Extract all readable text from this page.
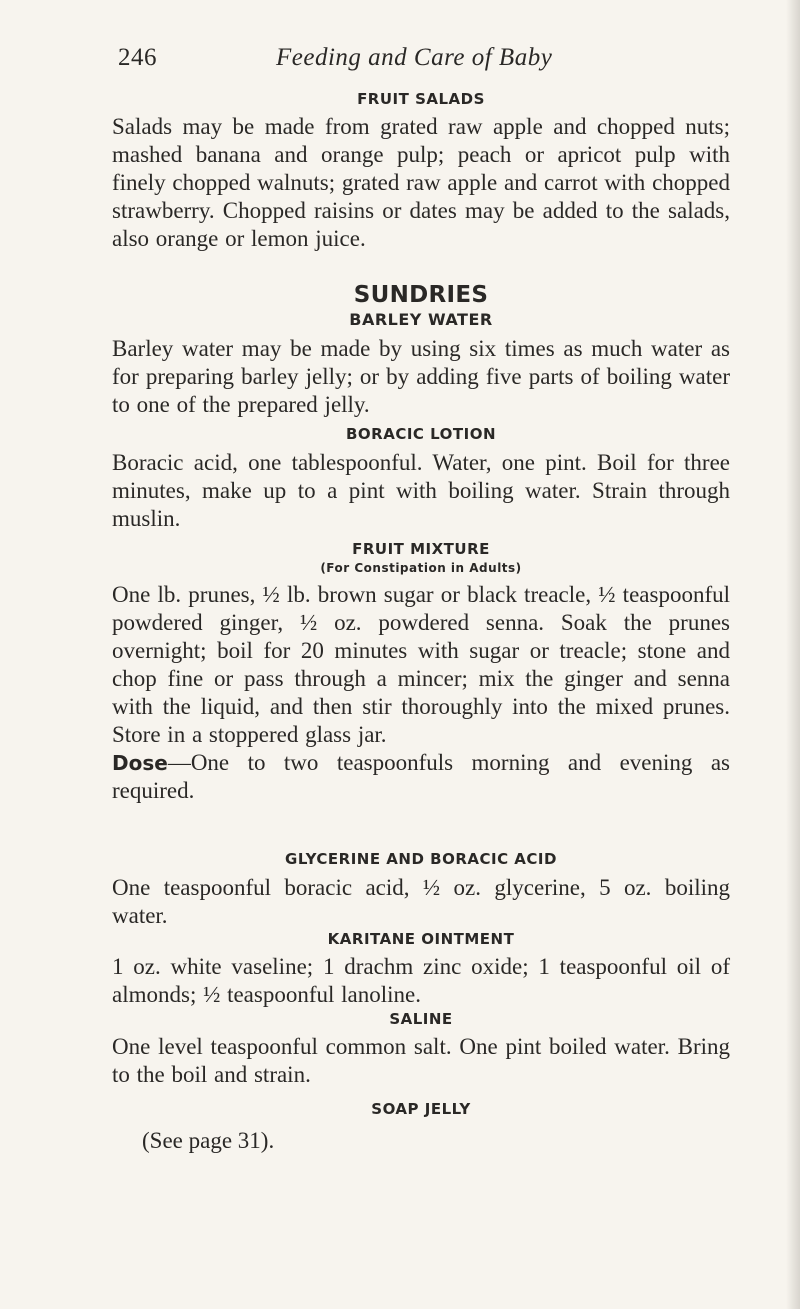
246	Feeding and Care of Baby
FRUIT SALADS

Salads may be made from grated raw apple and chopped nuts; mashed banana and orange pulp; peach or apricot pulp with finely chopped walnuts; grated raw apple and carrot with chopped strawberry. Chopped raisins or dates may be added to the salads, also orange or lemon juice.

SUNDRIES
BARLEY WATER

Barley water may be made by using six times as much water as for preparing barley jelly; or by adding five parts of boiling water to one of the prepared jelly.

BORACIC LOTION

Boracic acid, one tablespoonful. Water, one pint. Boil for three minutes, make up to a pint with boiling water. Strain through muslin.

FRUIT MIXTURE
(For Constipation in Adults)

One lb. prunes, ½ lb. brown sugar or black treacle, ½ teaspoonful powdered ginger, ½ oz. powdered senna. Soak the prunes overnight; boil for 20 minutes with sugar or treacle; stone and chop fine or pass through a mincer; mix the ginger and senna with the liquid, and then stir thoroughly into the mixed prunes. Store in a stoppered glass jar.

Dose—One to two teaspoonfuls morning and evening as required.

GLYCERINE AND BORACIC ACID

One teaspoonful boracic acid, ½ oz. glycerine, 5 oz. boiling water.

KARITANE OINTMENT

1 oz. white vaseline; 1 drachm zinc oxide; 1 teaspoonful oil of almonds; ½ teaspoonful lanoline.

SALINE

One level teaspoonful common salt. One pint boiled water. Bring to the boil and strain.

SOAP JELLY
(See page 31).
